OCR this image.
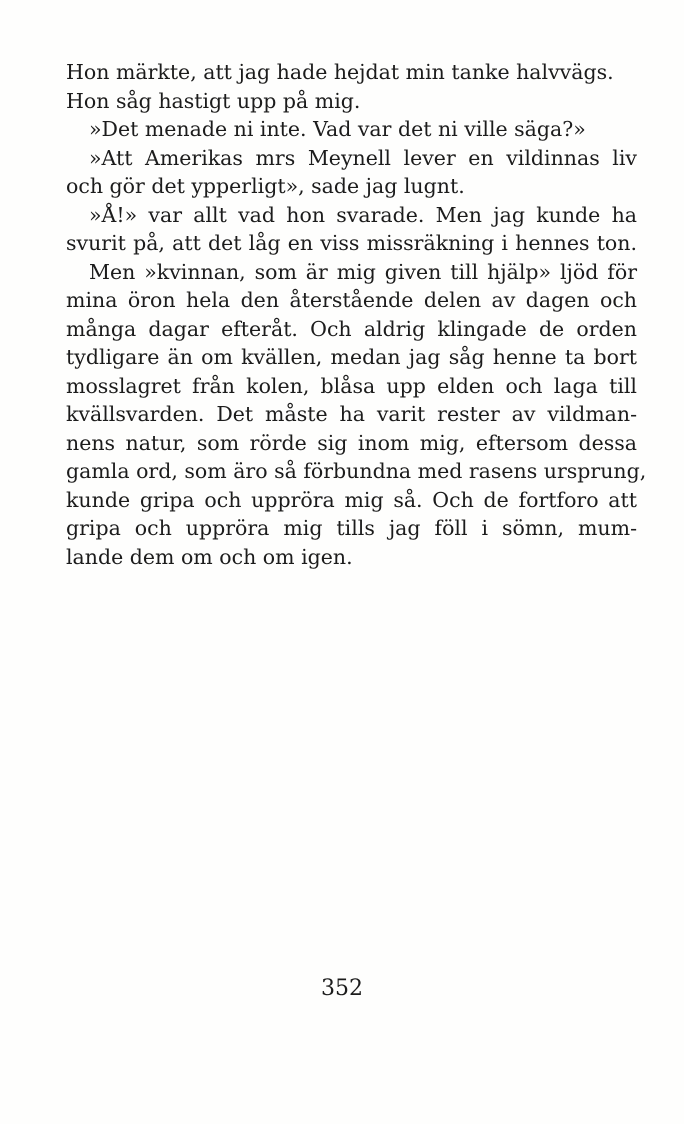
Hon märkte, att jag hade hejdat min tanke halvvägs.
Hon såg hastigt upp på mig.
»Det menade ni inte. Vad var det ni ville säga?»
»Att Amerikas mrs Meynell lever en vildinnas liv
och gör det ypperligt», sade jag lugnt.
»Å!» var allt vad hon svarade. Men jag kunde ha
svurit på, att det låg en viss missräkning i hennes ton.
Men »kvinnan, som är mig given till hjälp» ljöd för
mina öron hela den återstående delen av dagen och
många dagar efteråt. Och aldrig klingade de orden
tydligare än om kvällen, medan jag såg henne ta bort
mosslagret från kolen, blåsa upp elden och laga till
kvällsvarden. Det måste ha varit rester av vildman-
nens natur, som rörde sig inom mig, eftersom dessa
gamla ord, som äro så förbundna med rasens ursprung,
kunde gripa och uppröra mig så. Och de fortforo att
gripa och uppröra mig tills jag föll i sömn, mum-
lande dem om och om igen.
352
